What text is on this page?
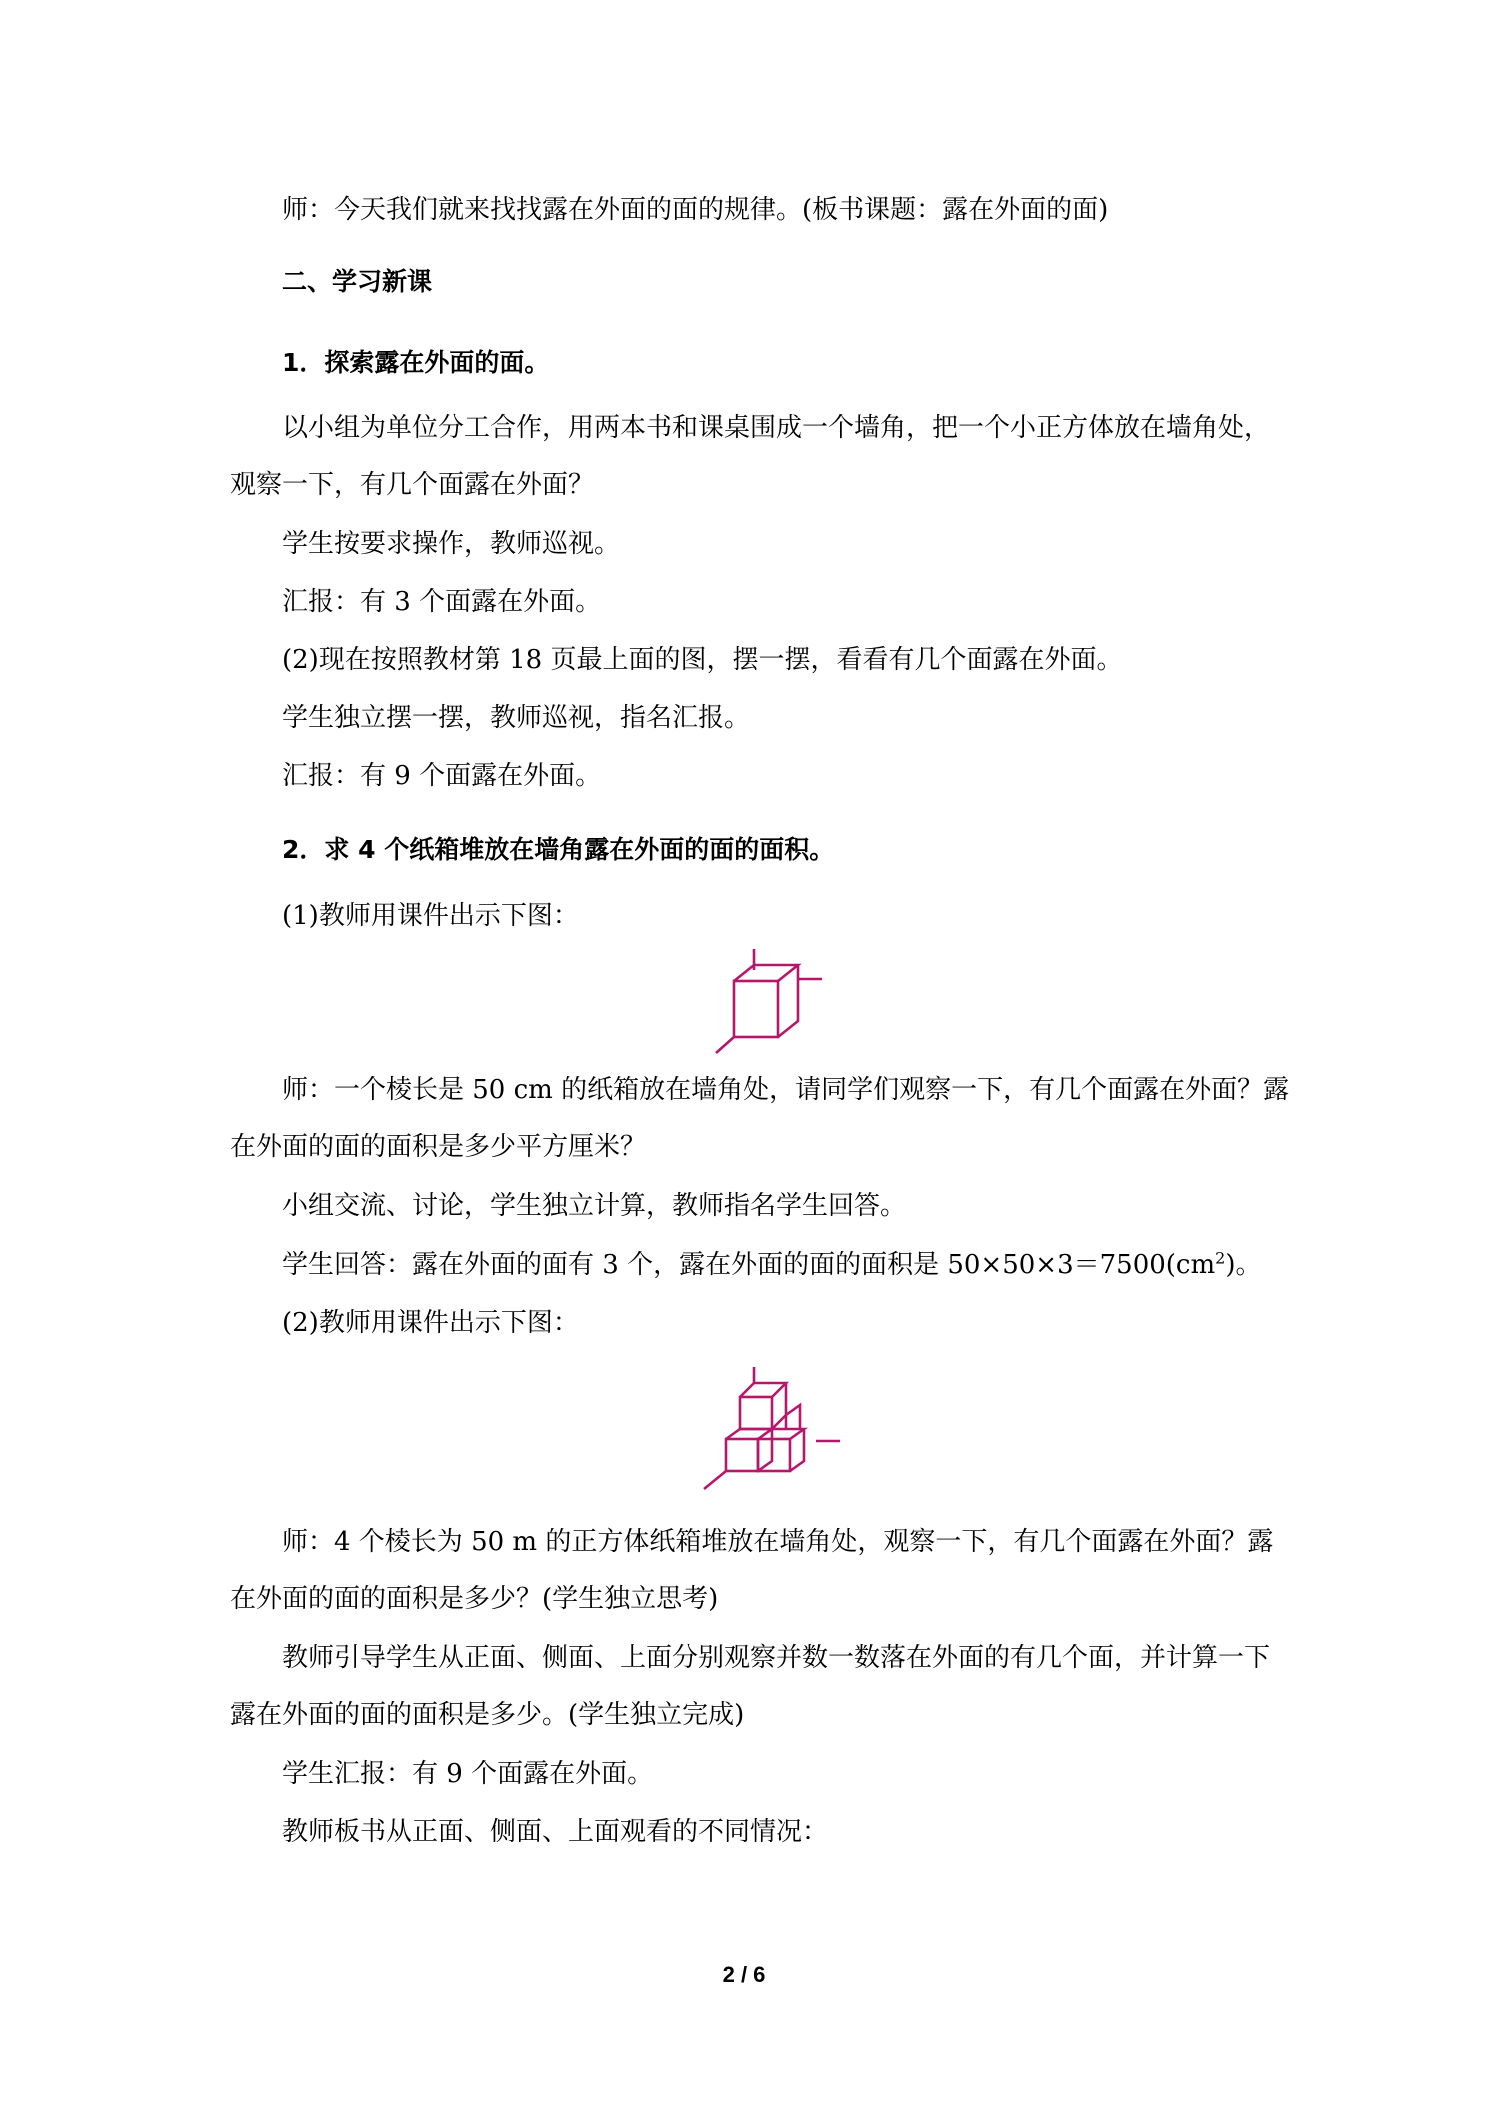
师：今天我们就来找找露在外面的面的规律。(板书课题：露在外面的面)

二、学习新课

1．探索露在外面的面。

以小组为单位分工合作，用两本书和课桌围成一个墙角，把一个小正方体放在墙角处，

观察一下，有几个面露在外面？

学生按要求操作，教师巡视。

汇报：有 3 个面露在外面。

(2)现在按照教材第 18 页最上面的图，摆一摆，看看有几个面露在外面。

学生独立摆一摆，教师巡视，指名汇报。

汇报：有 9 个面露在外面。

2．求 4 个纸箱堆放在墙角露在外面的面的面积。

(1)教师用课件出示下图：

师：一个棱长是 50 cm 的纸箱放在墙角处，请同学们观察一下，有几个面露在外面？露

在外面的面的面积是多少平方厘米？

小组交流、讨论，学生独立计算，教师指名学生回答。

学生回答：露在外面的面有 3 个，露在外面的面的面积是 $50\times 50\times 3=7500(cm^2)$。

(2)教师用课件出示下图：

师：4 个棱长为 50 m 的正方体纸箱堆放在墙角处，观察一下，有几个面露在外面？露

在外面的面的面积是多少？(学生独立思考)

教师引导学生从正面、侧面、上面分别观察并数一数落在外面的有几个面，并计算一下

露在外面的面的面积是多少。(学生独立完成)

学生汇报：有 9 个面露在外面。

教师板书从正面、侧面、上面观看的不同情况：

2 / 6
